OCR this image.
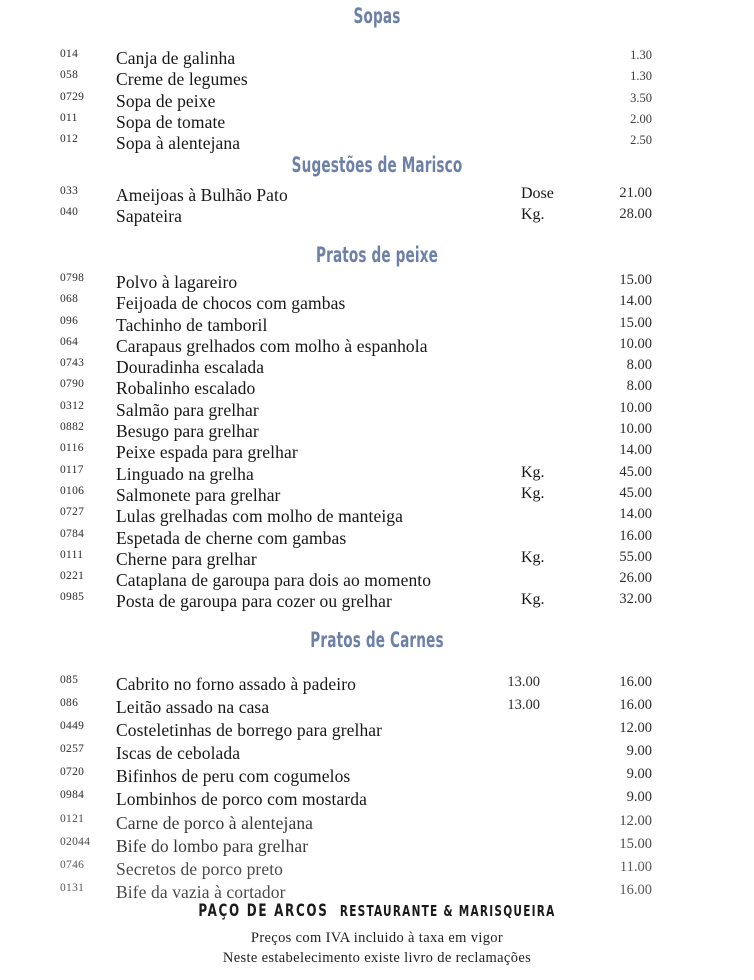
Sopas
014	Canja de galinha	1.30
058	Creme de legumes	1.30
0729	Sopa de peixe	3.50
011	Sopa de tomate	2.00
012	Sopa à alentejana	2.50
Sugestões de Marisco
033	Ameijoas à Bulhão Pato	Dose	21.00
040	Sapateira	Kg.	28.00
Pratos de peixe
0798	Polvo à lagareiro	15.00
068	Feijoada de chocos com gambas	14.00
096	Tachinho de tamboril	15.00
064	Carapaus grelhados com molho à espanhola	10.00
0743	Douradinha escalada	8.00
0790	Robalinho escalado	8.00
0312	Salmão para grelhar	10.00
0882	Besugo para grelhar	10.00
0116	Peixe espada para grelhar	14.00
0117	Linguado na grelha	Kg.	45.00
0106	Salmonete para grelhar	Kg.	45.00
0727	Lulas grelhadas com molho de manteiga	14.00
0784	Espetada de cherne com gambas	16.00
0111	Cherne para grelhar	Kg.	55.00
0221	Cataplana de garoupa para dois ao momento	26.00
0985	Posta de garoupa para cozer ou grelhar	Kg.	32.00
Pratos de Carnes
085	Cabrito no forno assado à padeiro	13.00	16.00
086	Leitão assado na casa	13.00	16.00
0449	Costeletinhas de borrego para grelhar	12.00
0257	Iscas de cebolada	9.00
0720	Bifinhos de peru com cogumelos	9.00
0984	Lombinhos de porco com mostarda	9.00
0121	Carne de porco à alentejana	12.00
02044	Bife do lombo para grelhar	15.00
0746	Secretos de porco preto	11.00
0131	Bife da vazia à cortador	16.00
PAÇO DE ARCOS RESTAURANTE & MARISQUEIRA
Preços com IVA incluido à taxa em vigor
Neste estabelecimento existe livro de reclamações
